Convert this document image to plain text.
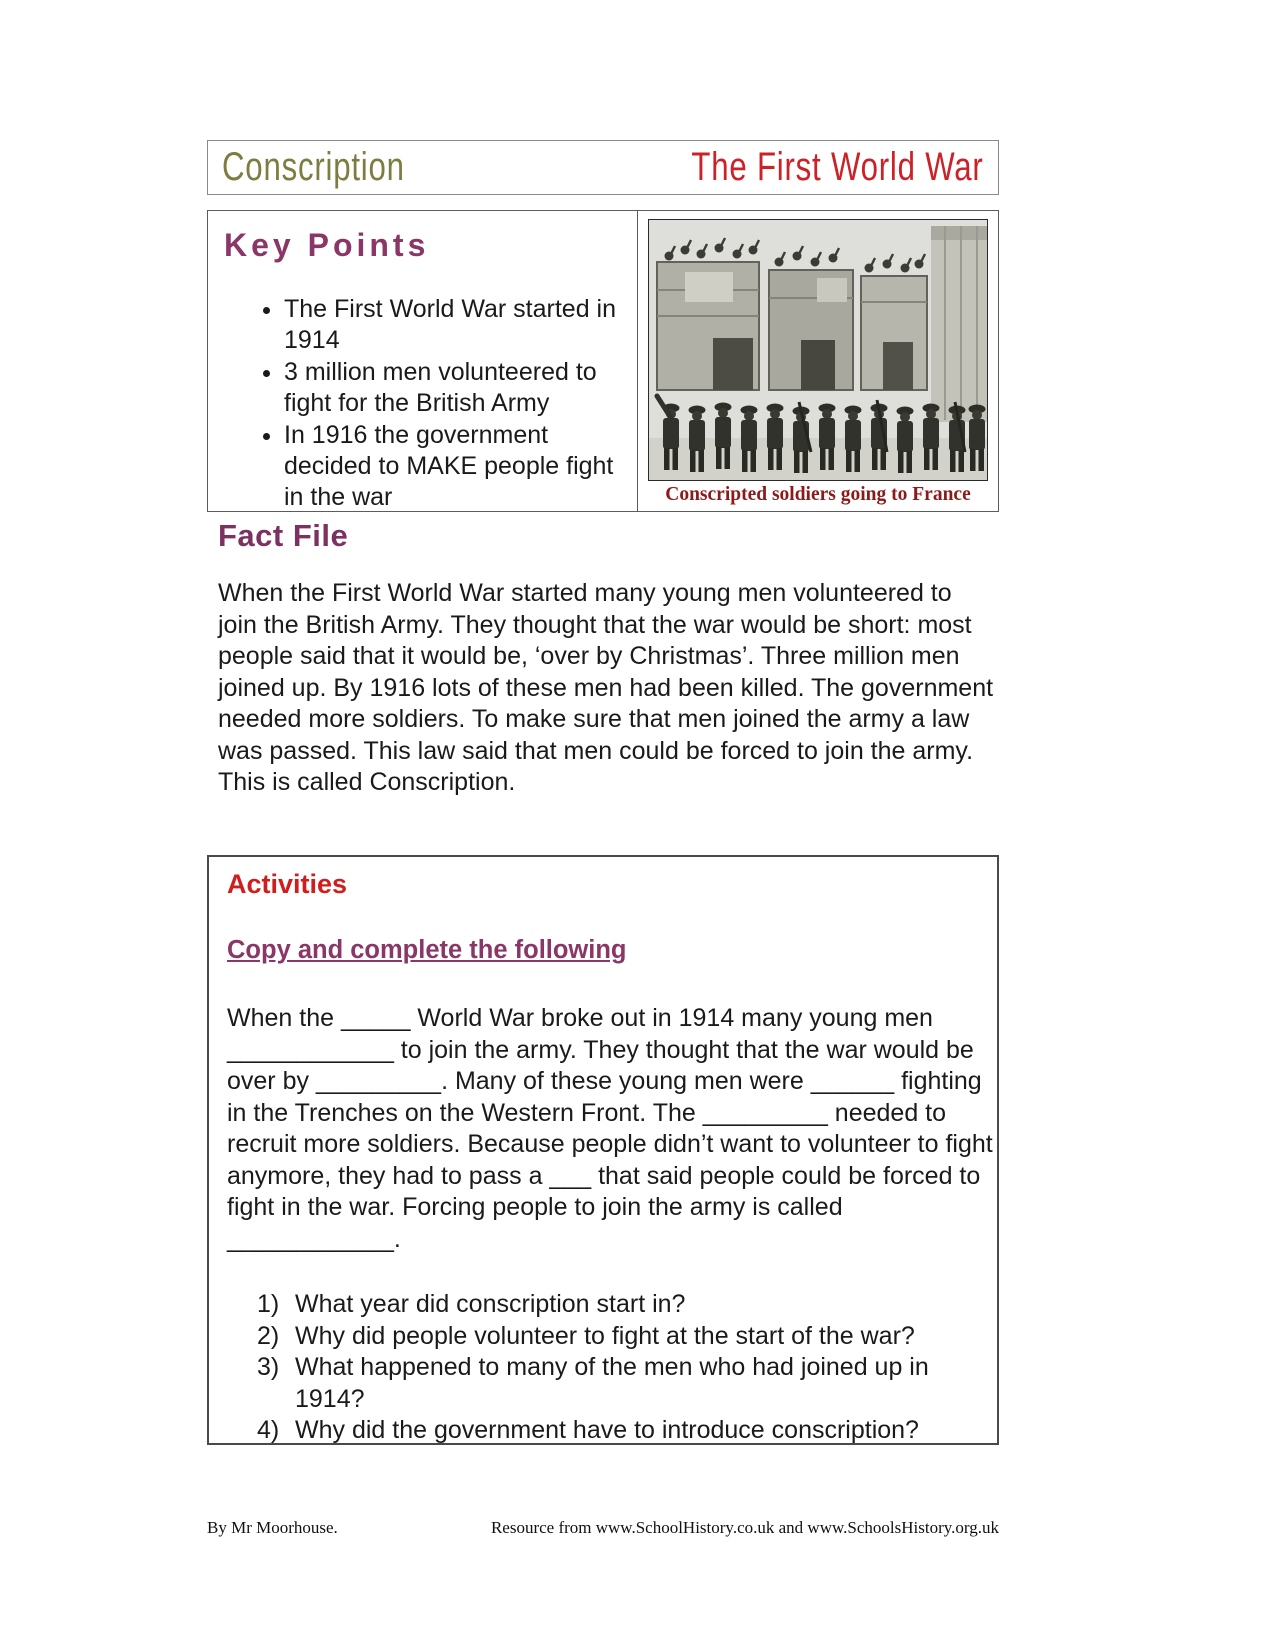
Conscription	The First World War
Key Points
• The First World War started in 1914
• 3 million men volunteered to fight for the British Army
• In 1916 the government decided to MAKE people fight in the war	Conscripted soldiers going to France
Fact File
When the First World War started many young men volunteered to join the British Army. They thought that the war would be short: most people said that it would be, ‘over by Christmas’. Three million men joined up. By 1916 lots of these men had been killed. The government needed more soldiers. To make sure that men joined the army a law was passed. This law said that men could be forced to join the army. This is called Conscription.
Activities
Copy and complete the following
When the _____ World War broke out in 1914 many young men ____________ to join the army. They thought that the war would be over by _________. Many of these young men were ______ fighting in the Trenches on the Western Front. The _________ needed to recruit more soldiers. Because people didn’t want to volunteer to fight anymore, they had to pass a ___ that said people could be forced to fight in the war. Forcing people to join the army is called ____________.
What year did conscription start in?
Why did people volunteer to fight at the start of the war?
What happened to many of the men who had joined up in 1914?
Why did the government have to introduce conscription?
By Mr Moorhouse.	Resource from www.SchoolHistory.co.uk and www.SchoolsHistory.org.uk
